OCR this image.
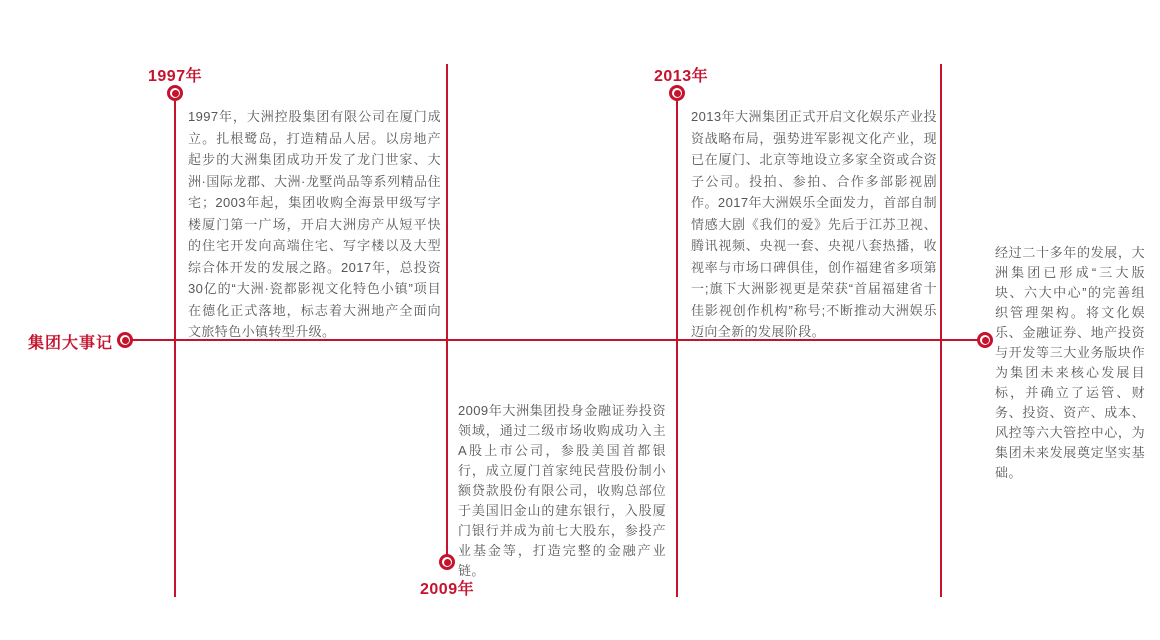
集团大事记
1997年	2013年
2009年
1997年，大洲控股集团有限公司在厦门成立。扎根鹭岛，打造精品人居。以房地产起步的大洲集团成功开发了龙门世家、大洲·国际龙郡、大洲·龙墅尚品等系列精品住宅；2003年起，集团收购全海景甲级写字楼厦门第一广场，开启大洲房产从短平快的住宅开发向高端住宅、写字楼以及大型综合体开发的发展之路。2017年，总投资30亿的“大洲·瓷都影视文化特色小镇”项目在德化正式落地，标志着大洲地产全面向文旅特色小镇转型升级。
2013年大洲集团正式开启文化娱乐产业投资战略布局，强势进军影视文化产业，现已在厦门、北京等地设立多家全资或合资子公司。投拍、参拍、合作多部影视剧作。2017年大洲娱乐全面发力，首部自制情感大剧《我们的爱》先后于江苏卫视、腾讯视频、央视一套、央视八套热播，收视率与市场口碑俱佳，创作福建省多项第一;旗下大洲影视更是荣获“首届福建省十佳影视创作机构”称号;不断推动大洲娱乐迈向全新的发展阶段。
2009年大洲集团投身金融证券投资领域，通过二级市场收购成功入主A股上市公司，参股美国首都银行，成立厦门首家纯民营股份制小额贷款股份有限公司，收购总部位于美国旧金山的建东银行，入股厦门银行并成为前七大股东，参投产业基金等，打造完整的金融产业链。
经过二十多年的发展，大洲集团已形成“三大版块、六大中心”的完善组织管理架构。将文化娱乐、金融证券、地产投资与开发等三大业务版块作为集团未来核心发展目标，并确立了运管、财务、投资、资产、成本、风控等六大管控中心，为集团未来发展奠定坚实基础。
